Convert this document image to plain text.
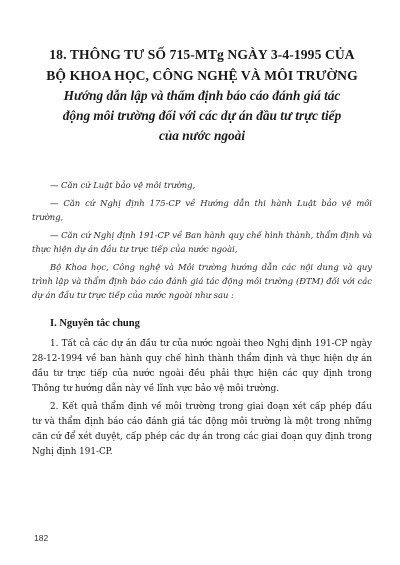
18. THÔNG TƯ SỐ 715-MTg NGÀY 3-4-1995 CỦA
BỘ KHOA HỌC, CÔNG NGHỆ VÀ MÔI TRƯỜNG
Hướng dẫn lập và thẩm định báo cáo đánh giá tác
động môi trường đối với các dự án đầu tư trực tiếp
của nước ngoài

— Căn cứ Luật bảo vệ môi trường,

— Căn cứ Nghị định 175-CP về Hướng dẫn thi hành Luật bảo vệ môi trường,

— Căn cứ Nghị định 191-CP về Ban hành quy chế hình thành, thẩm định và thực hiện dự án đầu tư trực tiếp của nước ngoài,

Bộ Khoa học, Công nghệ và Môi trường hướng dẫn các nội dung và quy trình lập và thẩm định báo cáo đánh giá tác động môi trường (ĐTM) đối với các dự án đầu tư trực tiếp của nước ngoài như sau :

I. Nguyên tắc chung

1. Tất cả các dự án đầu tư của nước ngoài theo Nghị định 191-CP ngày 28-12-1994 về ban hành quy chế hình thành thẩm định và thực hiện dự án đầu tư trực tiếp của nước ngoài đều phải thực hiện các quy định trong Thông tư hướng dẫn này về lĩnh vực bảo vệ môi trường.

2. Kết quả thẩm định về môi trường trong giai đoạn xét cấp phép đầu tư và thẩm định báo cáo đánh giá tác động môi trường là một trong những căn cứ để xét duyệt, cấp phép các dự án trong các giai đoạn quy định trong Nghị định 191-CP.

182
